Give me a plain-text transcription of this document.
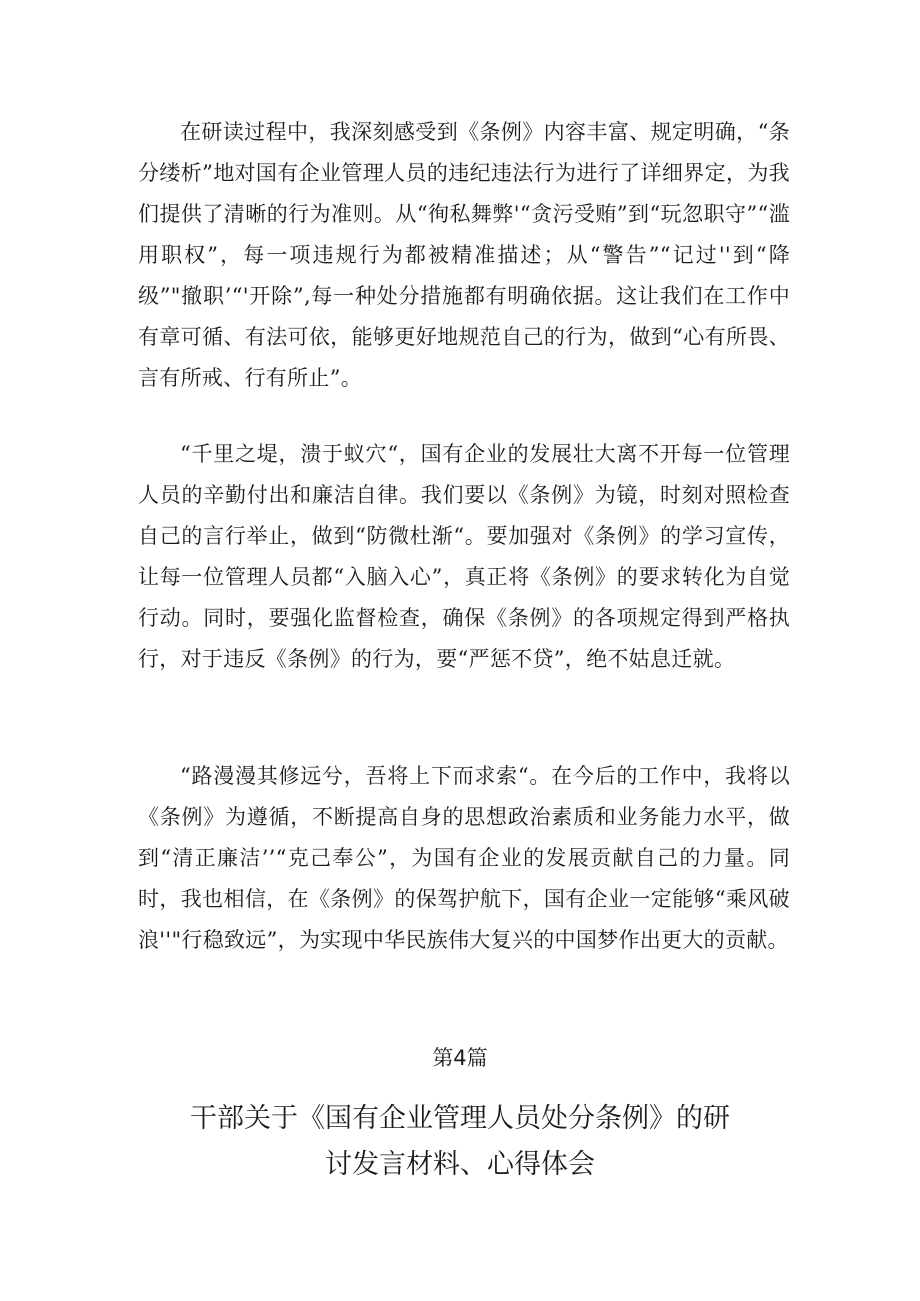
在研读过程中，我深刻感受到《条例》内容丰富、规定明确，“条分缕析”地对国有企业管理人员的违纪违法行为进行了详细界定，为我们提供了清晰的行为准则。从“徇私舞弊'“贪污受贿”到“玩忽职守”“滥用职权”，每一项违规行为都被精准描述；从“警告”“记过''到“降级”"撤职’“'开除”,每一种处分措施都有明确依据。这让我们在工作中有章可循、有法可依，能够更好地规范自己的行为，做到“心有所畏、言有所戒、行有所止”。

“千里之堤，溃于蚁穴“，国有企业的发展壮大离不开每一位管理人员的辛勤付出和廉洁自律。我们要以《条例》为镜，时刻对照检查自己的言行举止，做到“防微杜渐“。要加强对《条例》的学习宣传，让每一位管理人员都“入脑入心”，真正将《条例》的要求转化为自觉行动。同时，要强化监督检查，确保《条例》的各项规定得到严格执行，对于违反《条例》的行为，要“严惩不贷”，绝不姑息迁就。

“路漫漫其修远兮，吾将上下而求索“。在今后的工作中，我将以《条例》为遵循，不断提高自身的思想政治素质和业务能力水平，做到“清正廉洁’’“克己奉公”，为国有企业的发展贡献自己的力量。同时，我也相信，在《条例》的保驾护航下，国有企业一定能够“乘风破浪''"行稳致远”，为实现中华民族伟大复兴的中国梦作出更大的贡献。

第4篇
干部关于《国有企业管理人员处分条例》的研
讨发言材料、心得体会
